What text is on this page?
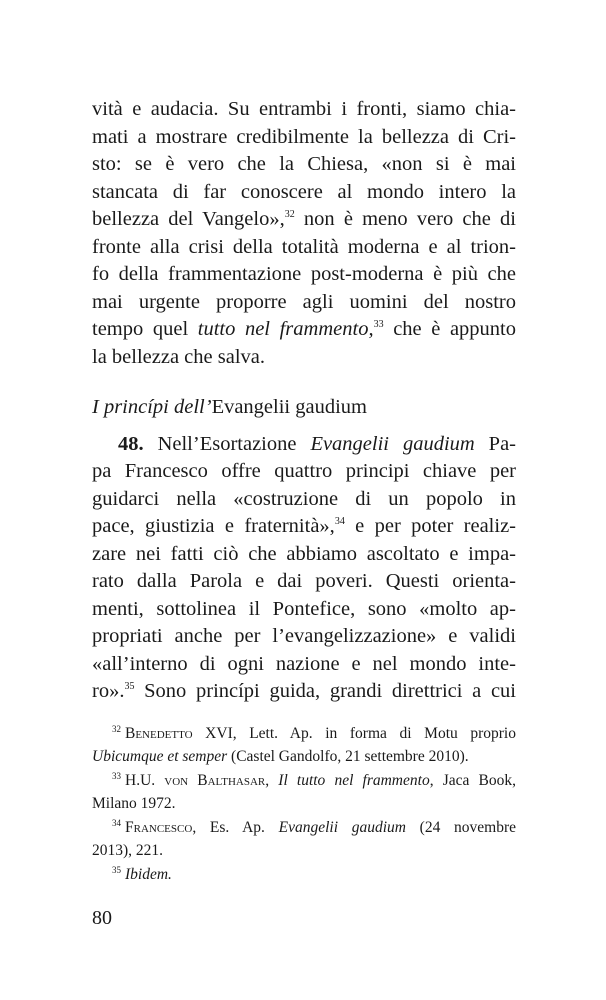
vità e audacia. Su entrambi i fronti, siamo chia-
mati a mostrare credibilmente la bellezza di Cri-
sto: se è vero che la Chiesa, «non si è mai
stancata di far conoscere al mondo intero la
bellezza del Vangelo»,$^{32}$ non è meno vero che di
fronte alla crisi della totalità moderna e al trion-
fo della frammentazione post-moderna è più che
mai urgente proporre agli uomini del nostro
tempo quel tutto nel frammento,$^{33}$ che è appunto
la bellezza che salva.
I princípi dell’Evangelii gaudium
48. Nell’Esortazione Evangelii gaudium Pa-
pa Francesco offre quattro principi chiave per
guidarci nella «costruzione di un popolo in
pace, giustizia e fraternità»,$^{34}$ e per poter realiz-
zare nei fatti ciò che abbiamo ascoltato e impa-
rato dalla Parola e dai poveri. Questi orienta-
menti, sottolinea il Pontefice, sono «molto ap-
propriati anche per l’evangelizzazione» e validi
«all’interno di ogni nazione e nel mondo inte-
ro».$^{35}$ Sono princípi guida, grandi direttrici a cui
$^{32}$ Benedetto XVI, Lett. Ap. in forma di Motu proprio
Ubicumque et semper (Castel Gandolfo, 21 settembre 2010).
$^{33}$ H.U. von Balthasar, Il tutto nel frammento, Jaca Book,
Milano 1972.
$^{34}$ Francesco, Es. Ap. Evangelii gaudium (24 novembre
2013), 221.
$^{35}$ Ibidem.
80
